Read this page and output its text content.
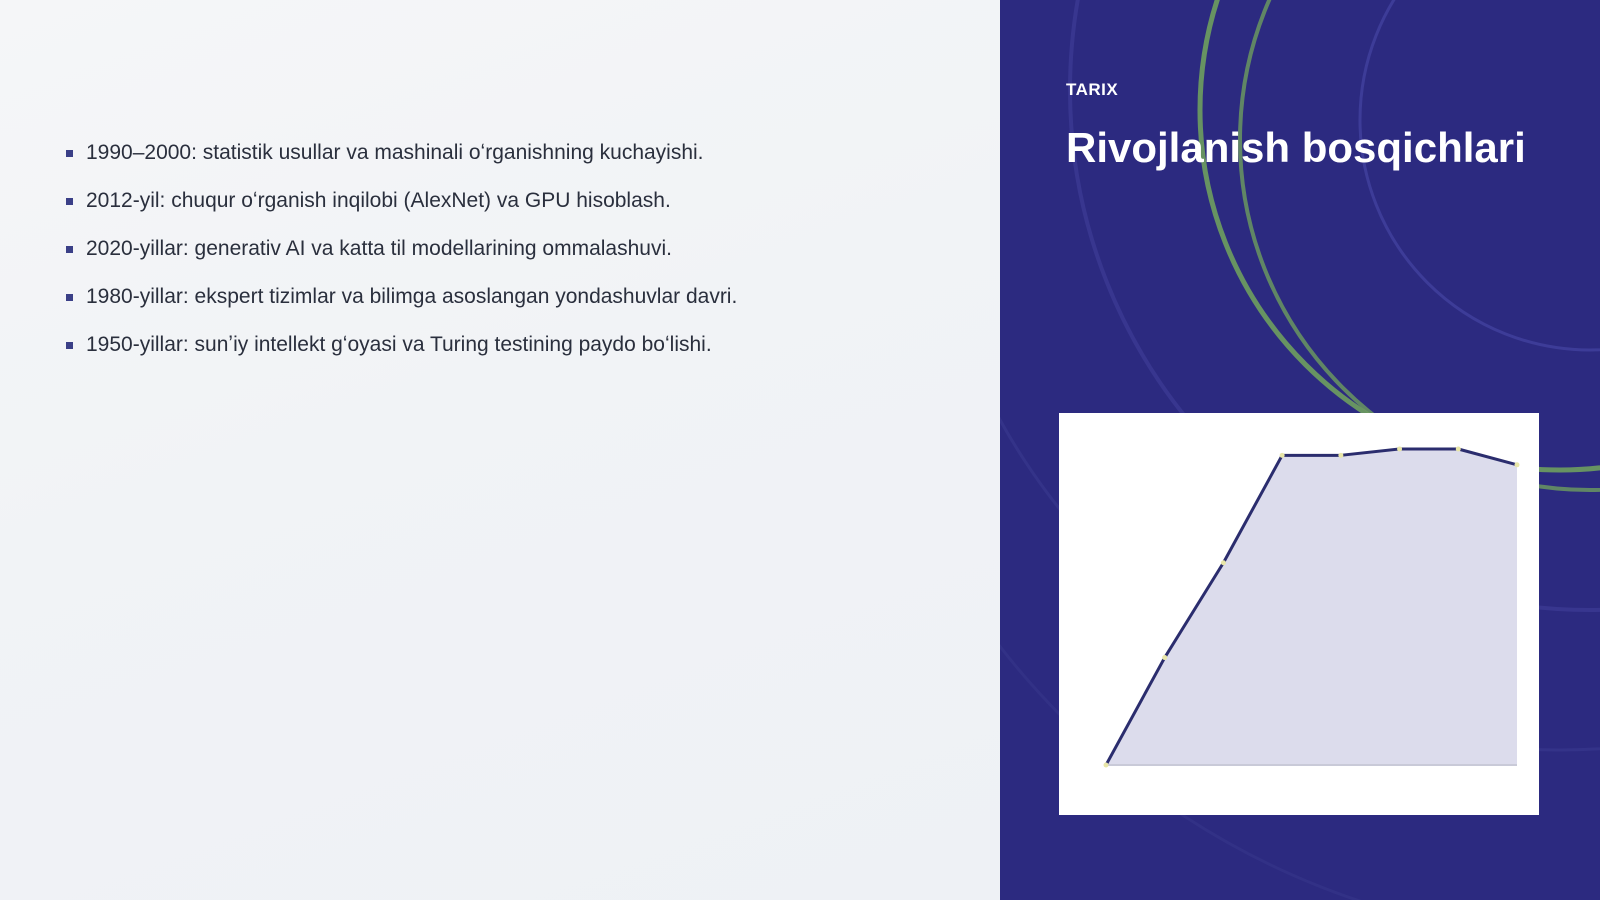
1990–2000: statistik usullar va mashinali oʻrganishning kuchayishi.
2012-yil: chuqur oʻrganish inqilobi (AlexNet) va GPU hisoblash.
2020-yillar: generativ AI va katta til modellarining ommalashuvi.
1980-yillar: ekspert tizimlar va bilimga asoslangan yondashuvlar davri.
1950-yillar: sunʼiy intellekt gʻoyasi va Turing testining paydo boʻlishi.
TARIX
Rivojlanish bosqichlari
